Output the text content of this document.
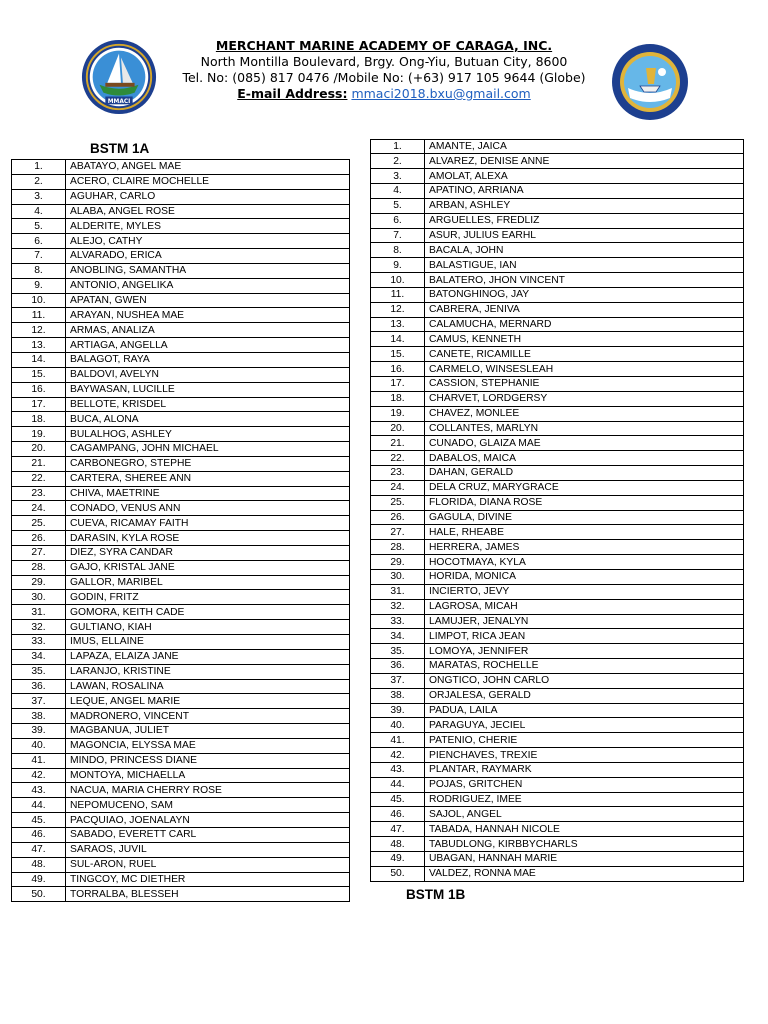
MMACI
MERCHANT MARINE ACADEMY OF CARAGA, INC.
North Montilla Boulevard, Brgy. Ong-Yiu, Butuan City, 8600
Tel. No: (085) 817 0476 /Mobile No: (+63) 917 105 9644 (Globe)
E-mail Address: mmaci2018.bxu@gmail.com
BSTM 1A
1.	ABATAYO, ANGEL MAE
2.	ACERO, CLAIRE MOCHELLE
3.	AGUHAR, CARLO
4.	ALABA, ANGEL ROSE
5.	ALDERITE, MYLES
6.	ALEJO, CATHY
7.	ALVARADO, ERICA
8.	ANOBLING, SAMANTHA
9.	ANTONIO, ANGELIKA
10.	APATAN, GWEN
11.	ARAYAN, NUSHEA MAE
12.	ARMAS, ANALIZA
13.	ARTIAGA, ANGELLA
14.	BALAGOT, RAYA
15.	BALDOVI, AVELYN
16.	BAYWASAN, LUCILLE
17.	BELLOTE, KRISDEL
18.	BUCA, ALONA
19.	BULALHOG, ASHLEY
20.	CAGAMPANG, JOHN MICHAEL
21.	CARBONEGRO, STEPHE
22.	CARTERA, SHEREE ANN
23.	CHIVA, MAETRINE
24.	CONADO, VENUS ANN
25.	CUEVA, RICAMAY FAITH
26.	DARASIN, KYLA ROSE
27.	DIEZ, SYRA CANDAR
28.	GAJO, KRISTAL JANE
29.	GALLOR, MARIBEL
30.	GODIN, FRITZ
31.	GOMORA, KEITH CADE
32.	GULTIANO, KIAH
33.	IMUS, ELLAINE
34.	LAPAZA, ELAIZA JANE
35.	LARANJO, KRISTINE
36.	LAWAN, ROSALINA
37.	LEQUE, ANGEL MARIE
38.	MADRONERO, VINCENT
39.	MAGBANUA, JULIET
40.	MAGONCIA, ELYSSA MAE
41.	MINDO, PRINCESS DIANE
42.	MONTOYA, MICHAELLA
43.	NACUA, MARIA CHERRY ROSE
44.	NEPOMUCENO, SAM
45.	PACQUIAO, JOENALAYN
46.	SABADO, EVERETT CARL
47.	SARAOS, JUVIL
48.	SUL-ARON, RUEL
49.	TINGCOY, MC DIETHER
50.	TORRALBA, BLESSEH
1.	AMANTE, JAICA
2.	ALVAREZ, DENISE ANNE
3.	AMOLAT, ALEXA
4.	APATINO, ARRIANA
5.	ARBAN, ASHLEY
6.	ARGUELLES, FREDLIZ
7.	ASUR, JULIUS EARHL
8.	BACALA, JOHN
9.	BALASTIGUE, IAN
10.	BALATERO, JHON VINCENT
11.	BATONGHINOG, JAY
12.	CABRERA, JENIVA
13.	CALAMUCHA, MERNARD
14.	CAMUS, KENNETH
15.	CANETE, RICAMILLE
16.	CARMELO, WINSESLEAH
17.	CASSION, STEPHANIE
18.	CHARVET, LORDGERSY
19.	CHAVEZ, MONLEE
20.	COLLANTES, MARLYN
21.	CUNADO, GLAIZA MAE
22.	DABALOS, MAICA
23.	DAHAN, GERALD
24.	DELA CRUZ, MARYGRACE
25.	FLORIDA, DIANA ROSE
26.	GAGULA, DIVINE
27.	HALE, RHEABE
28.	HERRERA, JAMES
29.	HOCOTMAYA, KYLA
30.	HORIDA, MONICA
31.	INCIERTO, JEVY
32.	LAGROSA, MICAH
33.	LAMUJER, JENALYN
34.	LIMPOT, RICA JEAN
35.	LOMOYA, JENNIFER
36.	MARATAS, ROCHELLE
37.	ONGTICO, JOHN CARLO
38.	ORJALESA, GERALD
39.	PADUA, LAILA
40.	PARAGUYA, JECIEL
41.	PATENIO, CHERIE
42.	PIENCHAVES, TREXIE
43.	PLANTAR, RAYMARK
44.	POJAS, GRITCHEN
45.	RODRIGUEZ, IMEE
46.	SAJOL, ANGEL
47.	TABADA, HANNAH NICOLE
48.	TABUDLONG, KIRBBYCHARLS
49.	UBAGAN, HANNAH MARIE
50.	VALDEZ, RONNA MAE
BSTM 1B
